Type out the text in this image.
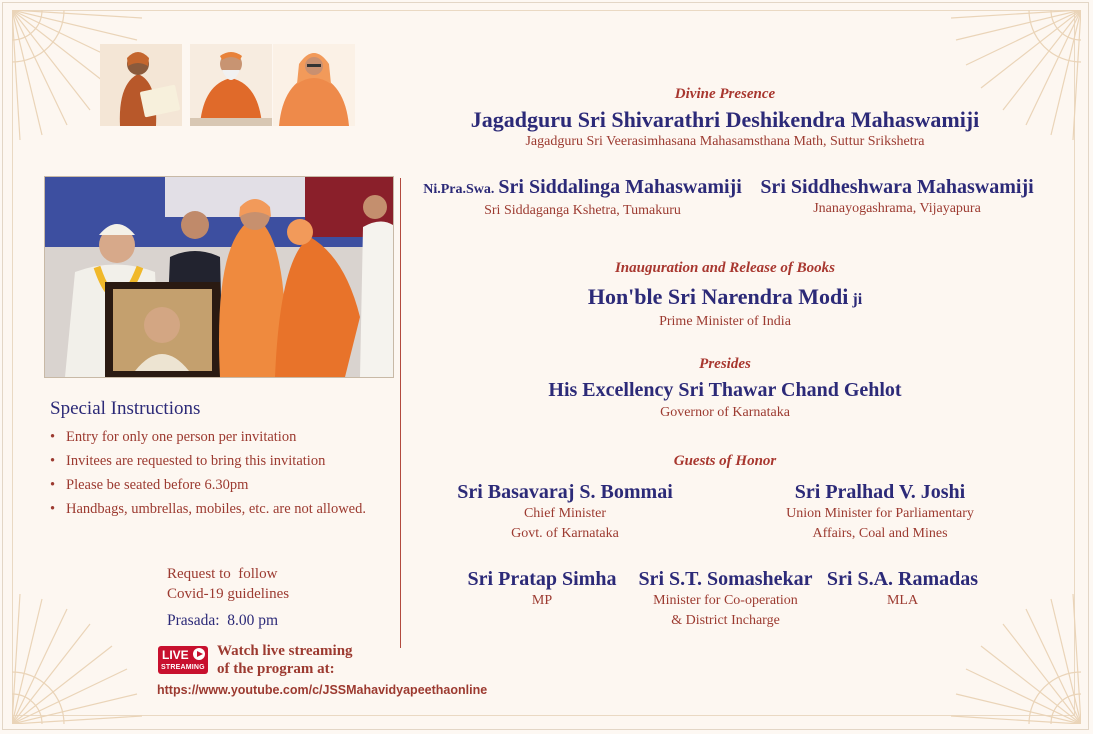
Divine Presence
Jagadguru Sri Shivarathri Deshikendra Mahaswamiji
Jagadguru Sri Veerasimhasana Mahasamsthana Math, Suttur Srikshetra
Ni.Pra.Swa. Sri Siddalinga Mahaswamiji
Sri Siddaganga Kshetra, Tumakuru
Sri Siddheshwara Mahaswamiji
Jnanayogashrama, Vijayapura
Inauguration and Release of Books
Hon'ble Sri Narendra Modi ji
Prime Minister of India
Presides
His Excellency Sri Thawar Chand Gehlot
Governor of Karnataka
Guests of Honor
Sri Basavaraj S. Bommai
Chief Minister
Govt. of Karnataka
Sri Pralhad V. Joshi
Union Minister for Parliamentary
Affairs, Coal and Mines
Sri Pratap Simha
MP
Sri S.T. Somashekar
Minister for Co-operation
& District Incharge
Sri S.A. Ramadas
MLA
Special Instructions
• Entry for only one person per invitation
• Invitees are requested to bring this invitation
• Please be seated before 6.30pm
• Handbags, umbrellas, mobiles, etc. are not allowed.
Request to  follow
Covid-19 guidelines
Prasada:  8.00 pm
LIVE
STREAMING
Watch live streaming
of the program at:
https://www.youtube.com/c/JSSMahavidyapeethaonline
